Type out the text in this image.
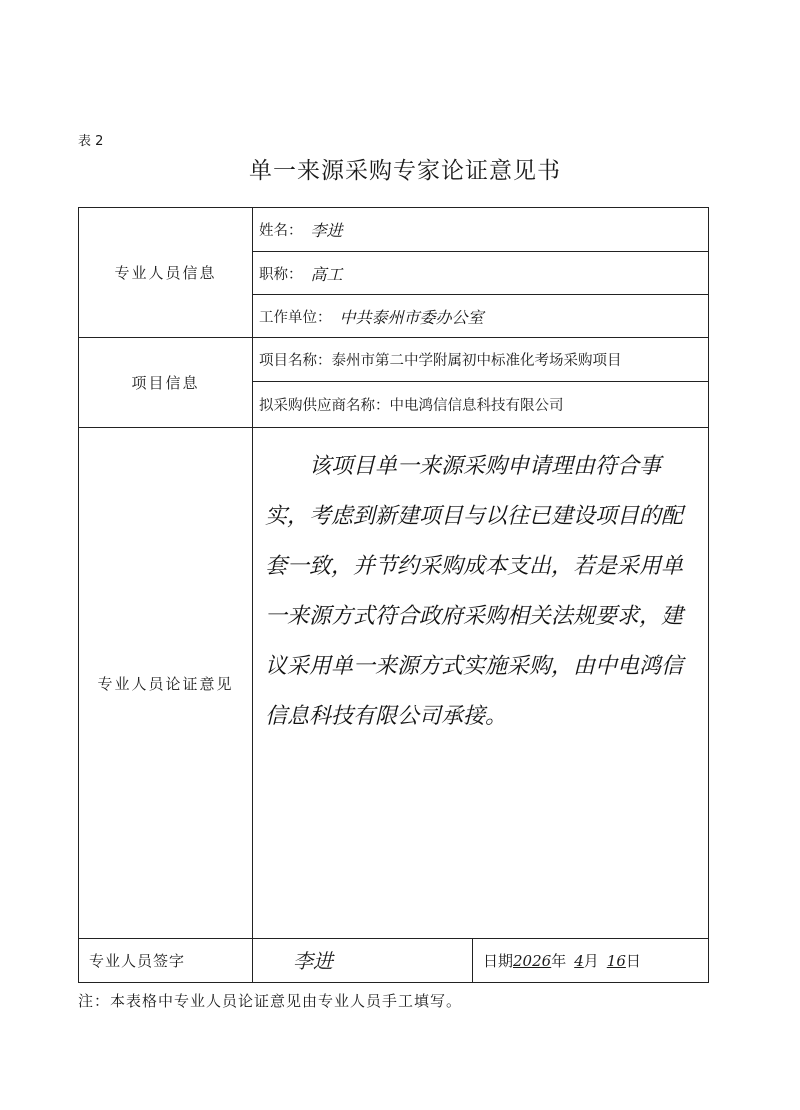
表 2
单一来源采购专家论证意见书
专业人员信息
姓名： 李进
职称： 高工
工作单位： 中共泰州市委办公室
项目信息
项目名称：泰州市第二中学附属初中标准化考场采购项目
拟采购供应商名称：中电鸿信信息科技有限公司
专业人员论证意见

该项目单一来源采购申请理由符合事实，考虑到新建项目与以往已建设项目的配套一致，并节约采购成本支出，若是采用单一来源方式符合政府采购相关法规要求，建议采用单一来源方式实施采购，由中电鸿信信息科技有限公司承接。

专业人员签字	李进	日期 2026 年 4 月 16 日
注：本表格中专业人员论证意见由专业人员手工填写。
